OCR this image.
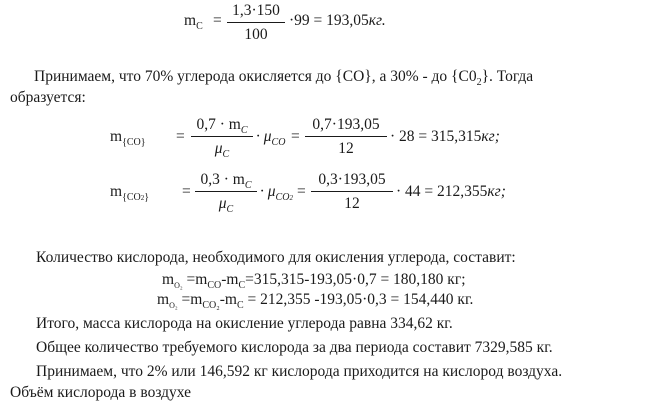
$m_C$ =
1,3·150
100
·99 = 193,05кг.
Принимаем, что 70% углерода окисляется до {CO}, а 30% - до $\{C0_2\}$. Тогда
образуется:
$m_{\{CO\}}$ =
$0,7 \cdot m_C$
$\mu_C$
· $\mu_{CO}$ =
0,7·193,05
12
· 28 = 315,315кг;
$m_{\{CO2\}}$ =
$0,3 \cdot m_C$
$\mu_C$
· $\mu_{CO2}$ =
0,3·193,05
12
· 44 = 212,355кг;
Количество кислорода, необходимого для окисления углерода, составит:
$m_{O_2} =m_{CO}-m_C=315,315-193,05\cdot 0,7 = 180,180$ кг;
$m_{O_2} =m_{CO_2}-m_C = 212,355$ -193,05·0,3 = 154,440 кг.
Итого, масса кислорода на окисление углерода равна 334,62 кг.
Общее количество требуемого кислорода за два периода составит 7329,585 кг.
Принимаем, что 2% или 146,592 кг кислорода приходится на кислород воздуха.
Объём кислорода в воздухе
